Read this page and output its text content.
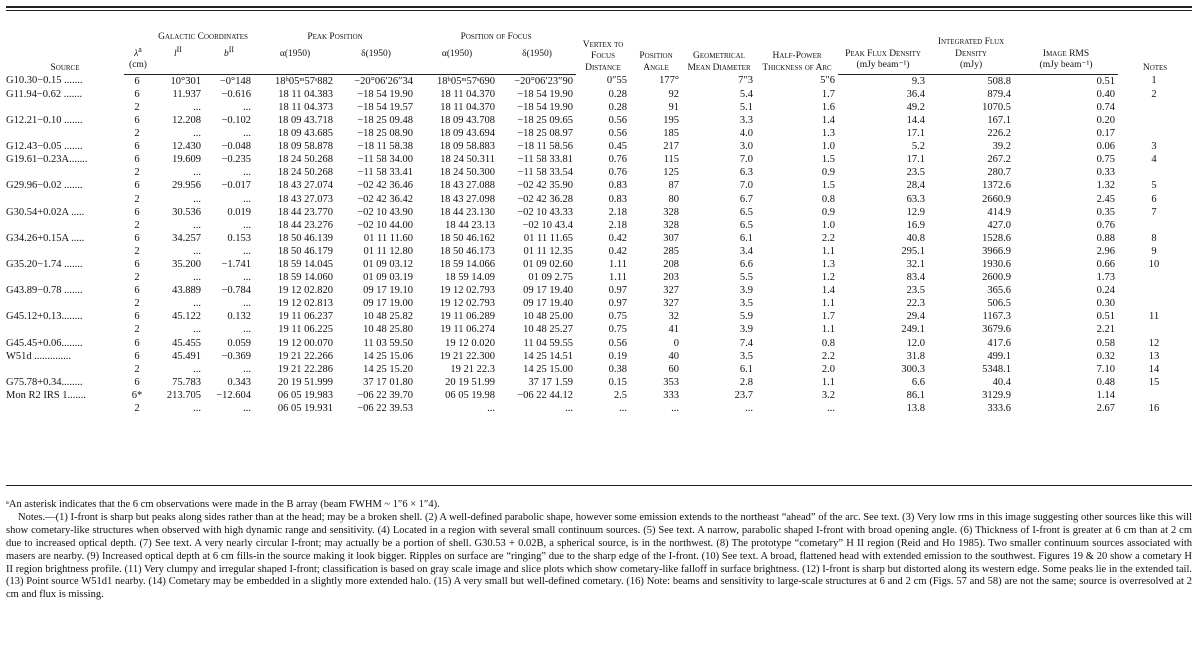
Source	$\lambda^a$	Galactic Coordinates		Peak Position		Position of Focus		Vertex to Focus Distance	Position Angle	Geometrical Mean Diameter	Half-Power Thickness of Arc	Peak Flux Density	Integrated Flux Density	Image RMS	Notes
		$l^{II}$	$b^{II}$	α(1950)	δ(1950)	α(1950)	δ(1950)								
	(cm)											(mJy beam⁻¹)	(mJy)	(mJy beam⁻¹)	
G10.30−0.15 .......	6	10°301	−0°148	18ʰ05ᵐ57ˢ882	−20°06′26″34	18ʰ05ᵐ57ˢ690	−20°06′23″90	0″55	177°	7″3	5″6	9.3	508.8	0.51	1
G11.94−0.62 .......	6	11.937	−0.616	18 11 04.383	−18 54 19.90	18 11 04.370	−18 54 19.90	0.28	92	5.4	1.7	36.4	879.4	0.40	2
	2	...	...	18 11 04.373	−18 54 19.57	18 11 04.370	−18 54 19.90	0.28	91	5.1	1.6	49.2	1070.5	0.74	
G12.21−0.10 .......	6	12.208	−0.102	18 09 43.718	−18 25 09.48	18 09 43.708	−18 25 09.65	0.56	195	3.3	1.4	14.4	167.1	0.20	
	2	...	...	18 09 43.685	−18 25 08.90	18 09 43.694	−18 25 08.97	0.56	185	4.0	1.3	17.1	226.2	0.17	
G12.43−0.05 .......	6	12.430	−0.048	18 09 58.878	−18 11 58.38	18 09 58.883	−18 11 58.56	0.45	217	3.0	1.0	5.2	39.2	0.06	3
G19.61−0.23A.......	6	19.609	−0.235	18 24 50.268	−11 58 34.00	18 24 50.311	−11 58 33.81	0.76	115	7.0	1.5	17.1	267.2	0.75	4
	2	...	...	18 24 50.268	−11 58 33.41	18 24 50.300	−11 58 33.54	0.76	125	6.3	0.9	23.5	280.7	0.33	
G29.96−0.02 .......	6	29.956	−0.017	18 43 27.074	−02 42 36.46	18 43 27.088	−02 42 35.90	0.83	87	7.0	1.5	28.4	1372.6	1.32	5
	2	...	...	18 43 27.073	−02 42 36.42	18 43 27.098	−02 42 36.28	0.83	80	6.7	0.8	63.3	2660.9	2.45	6
G30.54+0.02A .....	6	30.536	0.019	18 44 23.770	−02 10 43.90	18 44 23.130	−02 10 43.33	2.18	328	6.5	0.9	12.9	414.9	0.35	7
	2	...	...	18 44 23.276	−02 10 44.00	18 44 23.13	−02 10 43.4	2.18	328	6.5	1.0	16.9	427.0	0.76	
G34.26+0.15A .....	6	34.257	0.153	18 50 46.139	01 11 11.60	18 50 46.162	01 11 11.65	0.42	307	6.1	2.2	40.8	1528.6	0.88	8
	2	...	...	18 50 46.179	01 11 12.80	18 50 46.173	01 11 12.35	0.42	285	3.4	1.1	295.1	3966.9	2.96	9
G35.20−1.74 .......	6	35.200	−1.741	18 59 14.045	01 09 03.12	18 59 14.066	01 09 02.60	1.11	208	6.6	1.3	32.1	1930.6	0.66	10
	2	...	...	18 59 14.060	01 09 03.19	18 59 14.09	01 09 2.75	1.11	203	5.5	1.2	83.4	2600.9	1.73	
G43.89−0.78 .......	6	43.889	−0.784	19 12 02.820	09 17 19.10	19 12 02.793	09 17 19.40	0.97	327	3.9	1.4	23.5	365.6	0.24	
	2	...	...	19 12 02.813	09 17 19.00	19 12 02.793	09 17 19.40	0.97	327	3.5	1.1	22.3	506.5	0.30	
G45.12+0.13........	6	45.122	0.132	19 11 06.237	10 48 25.82	19 11 06.289	10 48 25.00	0.75	32	5.9	1.7	29.4	1167.3	0.51	11
	2	...	...	19 11 06.225	10 48 25.80	19 11 06.274	10 48 25.27	0.75	41	3.9	1.1	249.1	3679.6	2.21	
G45.45+0.06........	6	45.455	0.059	19 12 00.070	11 03 59.50	19 12 0.020	11 04 59.55	0.56	0	7.4	0.8	12.0	417.6	0.58	12
W51d ..............	6	45.491	−0.369	19 21 22.266	14 25 15.06	19 21 22.300	14 25 14.51	0.19	40	3.5	2.2	31.8	499.1	0.32	13
	2	...	...	19 21 22.286	14 25 15.20	19 21 22.3	14 25 15.00	0.38	60	6.1	2.0	300.3	5348.1	7.10	14
G75.78+0.34........	6	75.783	0.343	20 19 51.999	37 17 01.80	20 19 51.99	37 17 1.59	0.15	353	2.8	1.1	6.6	40.4	0.48	15
Mon R2 IRS 1.......	6*	213.705	−12.604	06 05 19.983	−06 22 39.70	06 05 19.98	−06 22 44.12	2.5	333	23.7	3.2	86.1	3129.9	1.14	
	2	...	...	06 05 19.931	−06 22 39.53	...	...	...	...	...	...	13.8	333.6	2.67	16

ᵃAn asterisk indicates that the 6 cm observations were made in the B array (beam FWHM ~ 1″6 × 1″4).

Notes.—(1) I-front is sharp but peaks along sides rather than at the head; may be a broken shell. (2) A well-defined parabolic shape, however some emission extends to the northeast “ahead” of the arc. See text. (3) Very low rms in this image suggesting other sources like this will show cometary-like structures when observed with high dynamic range and sensitivity. (4) Located in a region with several small continuum sources. (5) See text. A narrow, parabolic shaped I-front with broad opening angle. (6) Thickness of I-front is greater at 6 cm than at 2 cm due to increased optical depth. (7) See text. A very nearly circular I-front; may actually be a portion of shell. G30.53 + 0.02B, a spherical source, is in the northwest. (8) The prototype “cometary” H II region (Reid and Ho 1985). Two smaller continuum sources associated with masers are nearby. (9) Increased optical depth at 6 cm fills-in the source making it look bigger. Ripples on surface are “ringing” due to the sharp edge of the I-front. (10) See text. A broad, flattened head with extended emission to the southwest. Figures 19 & 20 show a cometary H II region brightness profile. (11) Very clumpy and irregular shaped I-front; classification is based on gray scale image and slice plots which show cometary-like falloff in surface brightness. (12) I-front is sharp but distorted along its western edge. Some peaks lie in the extended tail. (13) Point source W51d1 nearby. (14) Cometary may be embedded in a slightly more extended halo. (15) A very small but well-defined cometary. (16) Note: beams and sensitivity to large-scale structures at 6 and 2 cm (Figs. 57 and 58) are not the same; source is overresolved at 2 cm and flux is missing.
